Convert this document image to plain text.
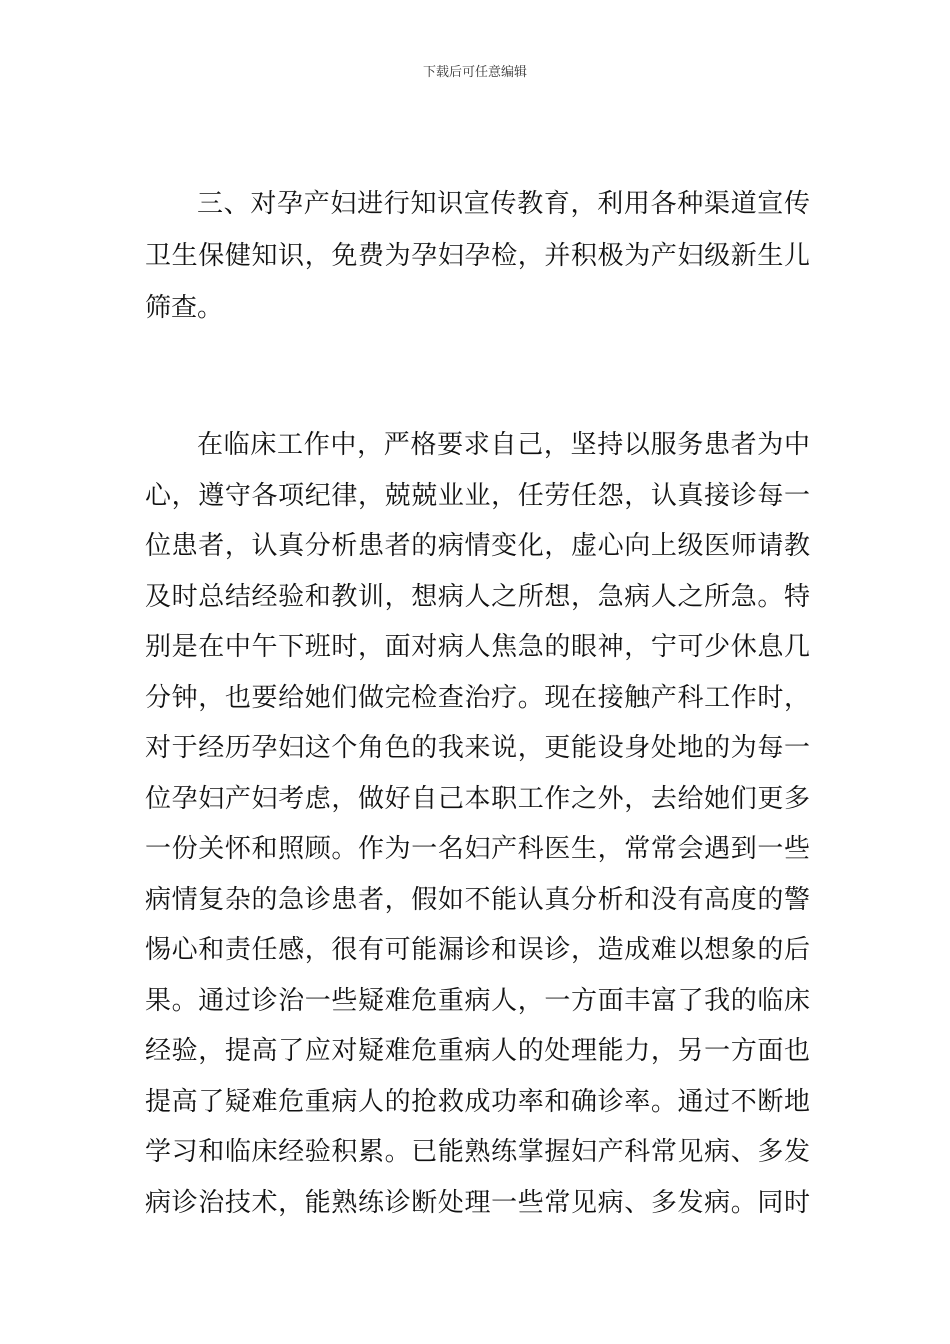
下载后可任意编辑
三、对孕产妇进行知识宣传教育，利用各种渠道宣传
卫生保健知识，免费为孕妇孕检，并积极为产妇级新生儿
筛查。
在临床工作中，严格要求自己，坚持以服务患者为中
心，遵守各项纪律，兢兢业业，任劳任怨，认真接诊每一
位患者，认真分析患者的病情变化，虚心向上级医师请教
及时总结经验和教训，想病人之所想，急病人之所急。特
别是在中午下班时，面对病人焦急的眼神，宁可少休息几
分钟，也要给她们做完检查治疗。现在接触产科工作时，
对于经历孕妇这个角色的我来说，更能设身处地的为每一
位孕妇产妇考虑，做好自己本职工作之外，去给她们更多
一份关怀和照顾。作为一名妇产科医生，常常会遇到一些
病情复杂的急诊患者，假如不能认真分析和没有高度的警
惕心和责任感，很有可能漏诊和误诊，造成难以想象的后
果。通过诊治一些疑难危重病人，一方面丰富了我的临床
经验，提高了应对疑难危重病人的处理能力，另一方面也
提高了疑难危重病人的抢救成功率和确诊率。通过不断地
学习和临床经验积累。已能熟练掌握妇产科常见病、多发
病诊治技术，能熟练诊断处理一些常见病、多发病。同时
